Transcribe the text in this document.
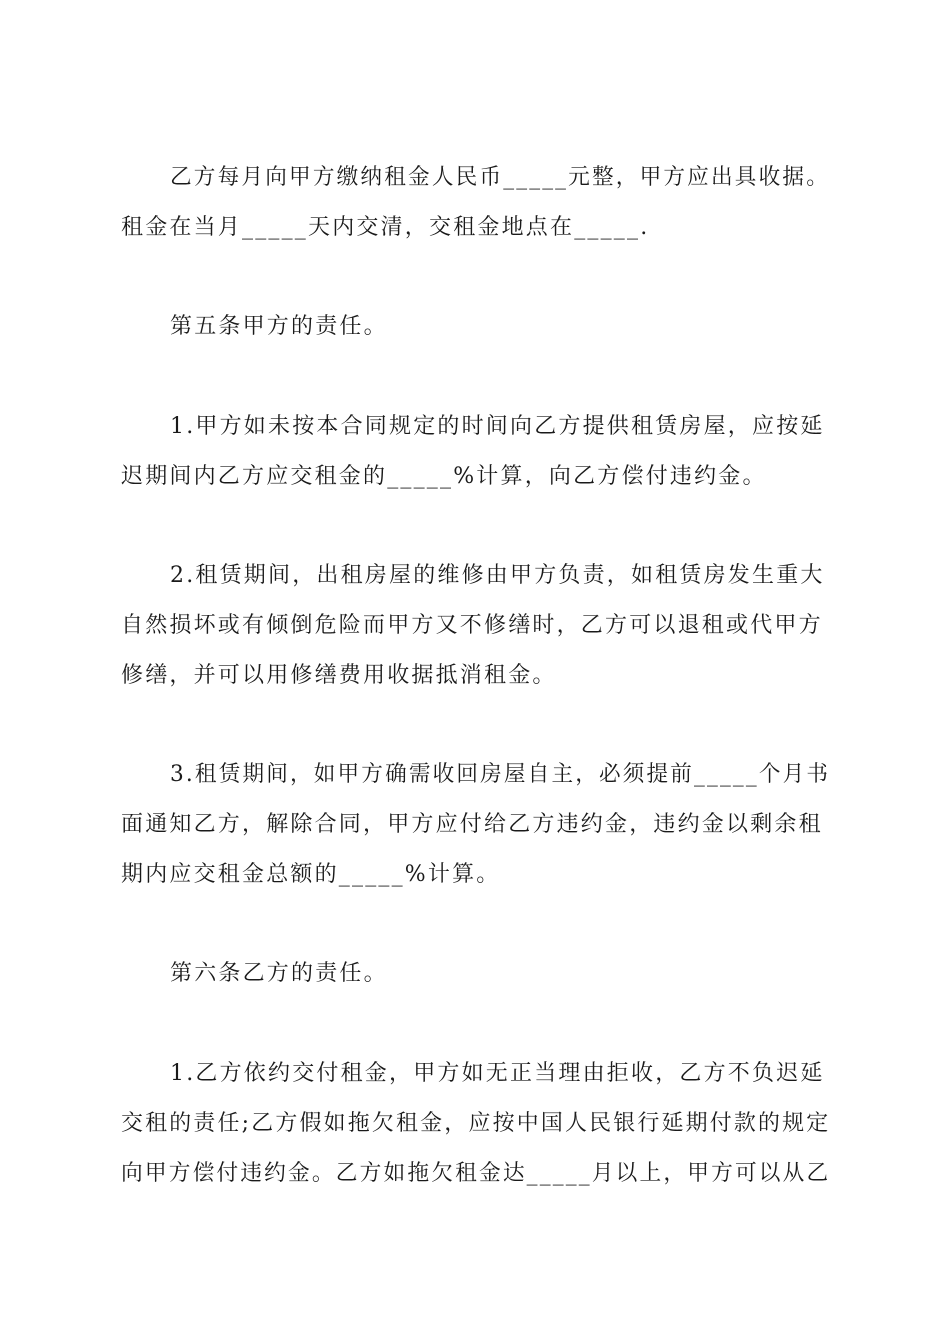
乙方每月向甲方缴纳租金人民币_____元整，甲方应出具收据。
租金在当月_____天内交清，交租金地点在_____.
第五条甲方的责任。
1.甲方如未按本合同规定的时间向乙方提供租赁房屋，应按延
迟期间内乙方应交租金的_____%计算，向乙方偿付违约金。
2.租赁期间，出租房屋的维修由甲方负责，如租赁房发生重大
自然损坏或有倾倒危险而甲方又不修缮时，乙方可以退租或代甲方
修缮，并可以用修缮费用收据抵消租金。
3.租赁期间，如甲方确需收回房屋自主，必须提前_____个月书
面通知乙方，解除合同，甲方应付给乙方违约金，违约金以剩余租
期内应交租金总额的_____%计算。
第六条乙方的责任。
1.乙方依约交付租金，甲方如无正当理由拒收，乙方不负迟延
交租的责任;乙方假如拖欠租金，应按中国人民银行延期付款的规定
向甲方偿付违约金。乙方如拖欠租金达_____月以上，甲方可以从乙
